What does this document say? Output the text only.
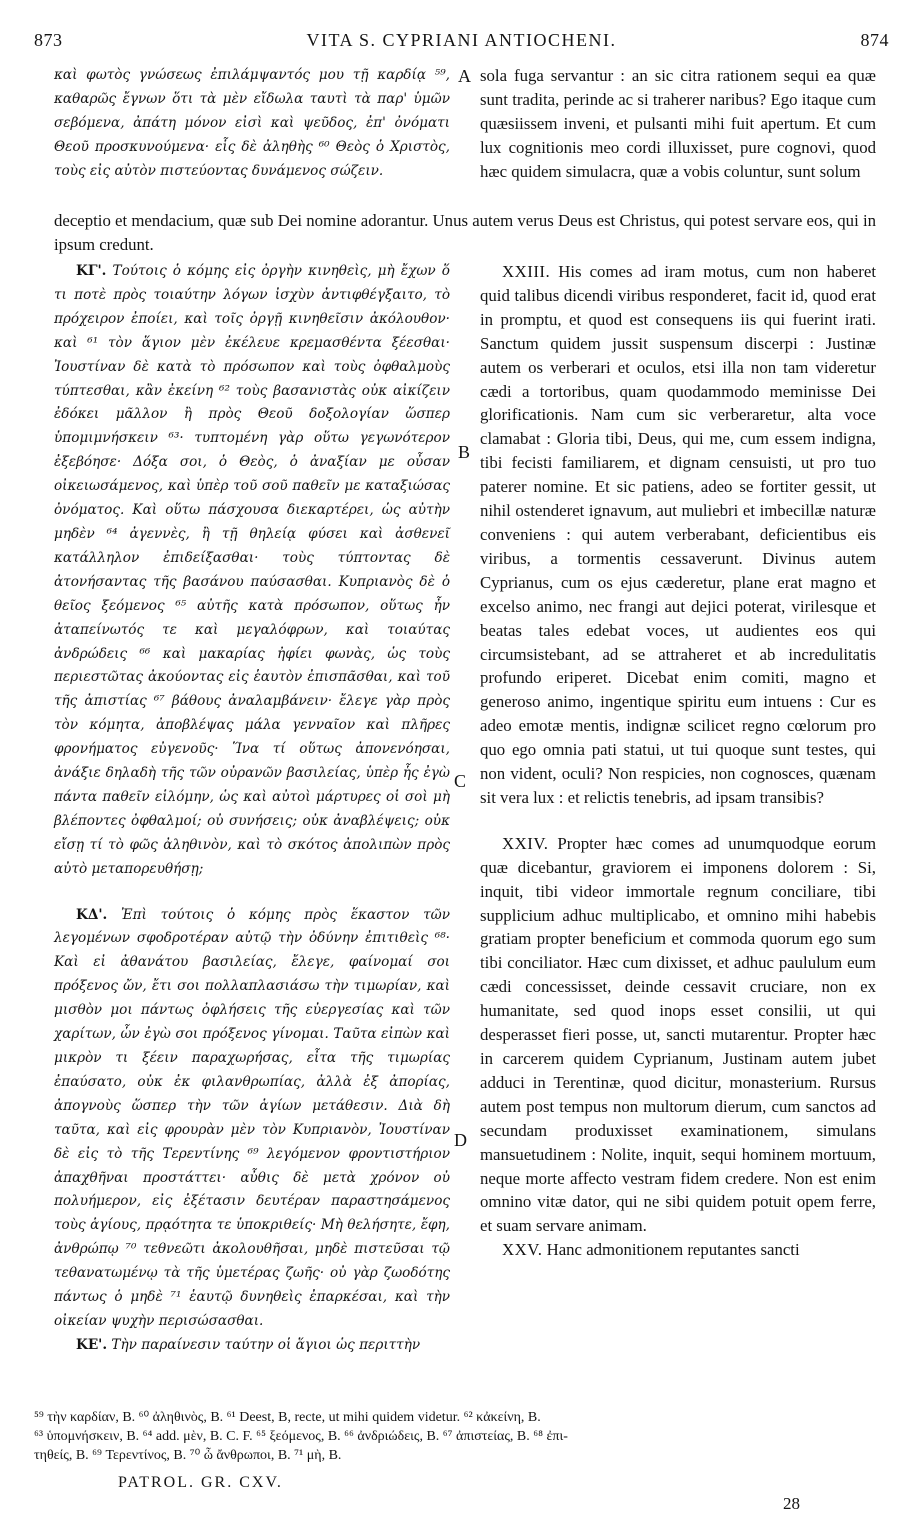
873	VITA S. CYPRIANI ANTIOCHENI.	874

καὶ φωτὸς γνώσεως ἐπιλάμψαντός μου τῇ καρδίᾳ ⁵⁹, καθαρῶς ἔγνων ὅτι τὰ μὲν εἴδωλα ταυτὶ τὰ παρ' ὑμῶν σεβόμενα, ἀπάτη μόνον εἰσὶ καὶ ψεῦδος, ἐπ' ὀνόματι Θεοῦ προσκυνούμενα· εἷς δὲ ἀληθὴς ⁶⁰ Θεὸς ὁ Χριστὸς, τοὺς εἰς αὐτὸν πιστεύοντας δυνάμενος σώζειν.

sola fuga servantur : an sic citra rationem sequi ea quæ sunt tradita, perinde ac si traherer naribus? Ego itaque cum quæsiissem inveni, et pulsanti mihi fuit apertum. Et cum lux cognitionis meo cordi illuxisset, pure cognovi, quod hæc quidem simulacra, quæ a vobis coluntur, sunt solum

deceptio et mendacium, quæ sub Dei nomine adorantur. Unus autem verus Deus est Christus, qui potest servare eos, qui in ipsum credunt.

ΚΓ'. Τούτοις ὁ κόμης εἰς ὀργὴν κινηθεὶς, μὴ ἔχων ὅ τι ποτὲ πρὸς τοιαύτην λόγων ἰσχὺν ἀντιφθέγξαιτο, τὸ πρόχειρον ἐποίει, καὶ τοῖς ὀργῇ κινηθεῖσιν ἀκόλουθον· καὶ ⁶¹ τὸν ἅγιον μὲν ἐκέλευε κρεμασθέντα ξέεσθαι· Ἰουστίναν δὲ κατὰ τὸ πρόσωπον καὶ τοὺς ὀφθαλμοὺς τύπτεσθαι, κἂν ἐκείνη ⁶² τοὺς βασανιστὰς οὐκ αἰκίζειν ἐδόκει μᾶλλον ἢ πρὸς Θεοῦ δοξολογίαν ὥσπερ ὑπομιμνήσκειν ⁶³· τυπτομένη γὰρ οὕτω γεγωνότερον ἐξεβόησε· Δόξα σοι, ὁ Θεὸς, ὁ ἀναξίαν με οὖσαν οἰκειωσάμενος, καὶ ὑπὲρ τοῦ σοῦ παθεῖν με καταξιώσας ὀνόματος. Καὶ οὕτω πάσχουσα διεκαρτέρει, ὡς αὐτὴν μηδὲν ⁶⁴ ἀγεννὲς, ἢ τῇ θηλείᾳ φύσει καὶ ἀσθενεῖ κατάλληλον ἐπιδείξασθαι· τοὺς τύπτοντας δὲ ἀτονήσαντας τῆς βασάνου παύσασθαι. Κυπριανὸς δὲ ὁ θεῖος ξεόμενος ⁶⁵ αὐτῆς κατὰ πρόσωπον, οὕτως ἦν ἀταπείνωτός τε καὶ μεγαλόφρων, καὶ τοιαύτας ἀνδρώδεις ⁶⁶ καὶ μακαρίας ἠφίει φωνὰς, ὡς τοὺς περιεστῶτας ἀκούοντας εἰς ἑαυτὸν ἐπισπᾶσθαι, καὶ τοῦ τῆς ἀπιστίας ⁶⁷ βάθους ἀναλαμβάνειν· ἔλεγε γὰρ πρὸς τὸν κόμητα, ἀποβλέψας μάλα γενναῖον καὶ πλῆρες φρονήματος εὐγενοῦς· Ἵνα τί οὕτως ἀπονενόησαι, ἀνάξιε δηλαδὴ τῆς τῶν οὐρανῶν βασιλείας, ὑπὲρ ἧς ἐγὼ πάντα παθεῖν εἱλόμην, ὡς καὶ αὐτοὶ μάρτυρες οἱ σοὶ μὴ βλέποντες ὀφθαλμοί; οὐ συνήσεις; οὐκ ἀναβλέψεις; οὐκ εἴσῃ τί τὸ φῶς ἀληθινὸν, καὶ τὸ σκότος ἀπολιπὼν πρὸς αὐτὸ μεταπορευθήσῃ;

ΚΔ'. Ἐπὶ τούτοις ὁ κόμης πρὸς ἕκαστον τῶν λεγομένων σφοδροτέραν αὐτῷ τὴν ὀδύνην ἐπιτιθεὶς ⁶⁸· Καὶ εἰ ἀθανάτου βασιλείας, ἔλεγε, φαίνομαί σοι πρόξενος ὤν, ἔτι σοι πολλαπλασιάσω τὴν τιμωρίαν, καὶ μισθὸν μοι πάντως ὀφλήσεις τῆς εὐεργεσίας καὶ τῶν χαρίτων, ὧν ἐγὼ σοι πρόξενος γίνομαι. Ταῦτα εἰπὼν καὶ μικρὸν τι ξέειν παραχωρήσας, εἶτα τῆς τιμωρίας ἐπαύσατο, οὐκ ἐκ φιλανθρωπίας, ἀλλὰ ἐξ ἀπορίας, ἀπογνοὺς ὥσπερ τὴν τῶν ἁγίων μετάθεσιν. Διὰ δὴ ταῦτα, καὶ εἰς φρουρὰν μὲν τὸν Κυπριανὸν, Ἰουστίναν δὲ εἰς τὸ τῆς Τερεντίνης ⁶⁹ λεγόμενον φροντιστήριον ἀπαχθῆναι προστάττει· αὖθις δὲ μετὰ χρόνον οὐ πολυήμερον, εἰς ἐξέτασιν δευτέραν παραστησάμενος τοὺς ἁγίους, πρᾳότητα τε ὑποκριθείς· Μὴ θελήσητε, ἔφη, ἀνθρώπῳ ⁷⁰ τεθνεῶτι ἀκολουθῆσαι, μηδὲ πιστεῦσαι τῷ τεθανατωμένῳ τὰ τῆς ὑμετέρας ζωῆς· οὐ γὰρ ζωοδότης πάντως ὁ μηδὲ ⁷¹ ἑαυτῷ δυνηθεὶς ἐπαρκέσαι, καὶ τὴν οἰκείαν ψυχὴν περισώσασθαι.

ΚΕ'. Τὴν παραίνεσιν ταύτην οἱ ἅγιοι ὡς περιττὴν

XXIII. His comes ad iram motus, cum non haberet quid talibus dicendi viribus responderet, facit id, quod erat in promptu, et quod est consequens iis qui fuerint irati. Sanctum quidem jussit suspensum discerpi : Justinæ autem os verberari et oculos, etsi illa non tam videretur cædi a tortoribus, quam quodammodo meminisse Dei glorificationis. Nam cum sic verberaretur, alta voce clamabat : Gloria tibi, Deus, qui me, cum essem indigna, tibi fecisti familiarem, et dignam censuisti, ut pro tuo paterer nomine. Et sic patiens, adeo se fortiter gessit, ut nihil ostenderet ignavum, aut muliebri et imbecillæ naturæ conveniens : qui autem verberabant, deficientibus eis viribus, a tormentis cessaverunt. Divinus autem Cyprianus, cum os ejus cæderetur, plane erat magno et excelso animo, nec frangi aut dejici poterat, virilesque et beatas tales edebat voces, ut audientes eos qui circumsistebant, ad se attraheret et ab incredulitatis profundo eriperet. Dicebat enim comiti, magno et generoso animo, ingentique spiritu eum intuens : Cur es adeo emotæ mentis, indignæ scilicet regno cœlorum pro quo ego omnia pati statui, ut tui quoque sunt testes, qui non vident, oculi? Non respicies, non cognosces, quænam sit vera lux : et relictis tenebris, ad ipsam transibis?

XXIV. Propter hæc comes ad unumquodque eorum quæ dicebantur, graviorem ei imponens dolorem : Si, inquit, tibi videor immortale regnum conciliare, tibi supplicium adhuc multiplicabo, et omnino mihi habebis gratiam propter beneficium et commoda quorum ego sum tibi conciliator. Hæc cum dixisset, et adhuc paululum eum cædi concessisset, deinde cessavit cruciare, non ex humanitate, sed quod inops esset consilii, ut qui desperasset fieri posse, ut, sancti mutarentur. Propter hæc in carcerem quidem Cyprianum, Justinam autem jubet adduci in Terentinæ, quod dicitur, monasterium. Rursus autem post tempus non multorum dierum, cum sanctos ad secundam produxisset examinationem, simulans mansuetudinem : Nolite, inquit, sequi hominem mortuum, neque morte affecto vestram fidem credere. Non est enim omnino vitæ dator, qui ne sibi quidem potuit opem ferre, et suam servare animam.

XXV. Hanc admonitionem reputantes sancti

A
B
C
D

⁵⁹ τὴν καρδίαν, B. ⁶⁰ ἀληθινὸς, B. ⁶¹ Deest, B, recte, ut mihi quidem videtur. ⁶² κἀκείνη, B.

⁶³ ὑπομνήσκειν, B. ⁶⁴ add. μὲν, B. C. F. ⁶⁵ ξεόμενος, B. ⁶⁶ ἀνδριώδεις, B. ⁶⁷ ἀπιστείας, B. ⁶⁸ ἐπι-

τηθείς, B. ⁶⁹ Τερεντίνος, B. ⁷⁰ ὦ ἄνθρωποι, B. ⁷¹ μὴ, B.

PATROL. GR. CXV.
28
